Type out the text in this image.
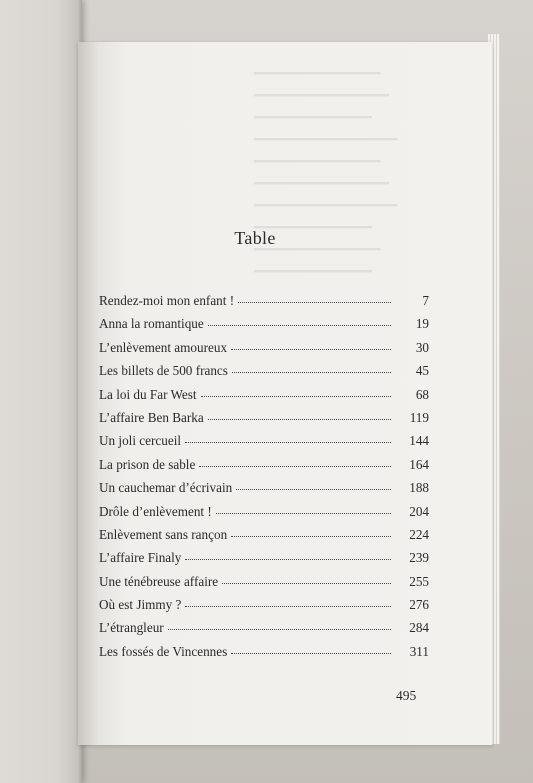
​━━━━━━━━━━━━━━━
━━━━━━━━━━━━━━━━
━━━━━━━━━━━━━━
━━━━━━━━━━━━━━━━━
━━━━━━━━━━━━━━━
━━━━━━━━━━━━━━━━
━━━━━━━━━━━━━━━━━
━━━━━━━━━━━━━━
━━━━━━━━━━━━━━━
━━━━━━━━━━━━━━
Table
Rendez-moi mon enfant !	7
Anna la romantique	19
L’enlèvement amoureux	30
Les billets de 500 francs	45
La loi du Far West	68
L’affaire Ben Barka	119
Un joli cercueil	144
La prison de sable	164
Un cauchemar d’écrivain	188
Drôle d’enlèvement !	204
Enlèvement sans rançon	224
L’affaire Finaly	239
Une ténébreuse affaire	255
Où est Jimmy ?	276
L’étrangleur	284
Les fossés de Vincennes	311
495
